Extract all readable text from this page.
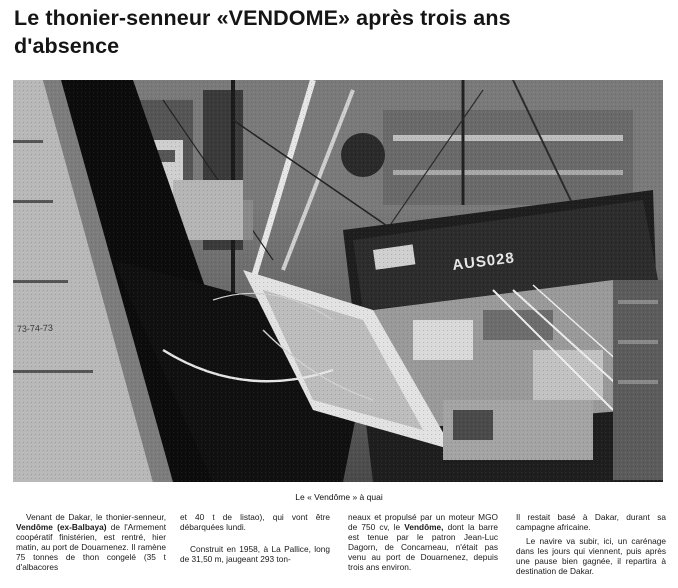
Le thonier-senneur «VENDOME» après trois ans
d'absence
Le « Vendôme » à quai

Venant de Dakar, le thonier-senneur, Vendôme (ex-Balbaya) de l'Armement coopératif finistérien, est rentré, hier matin, au port de Douarnenez. Il ramène 75 tonnes de thon congelé (35 t d'albacores

et 40 t de listao), qui vont être débarquées lundi.

Construit en 1958, à La Pallice, long de 31,50 m, jaugeant 293 ton-

neaux et propulsé par un moteur MGO de 750 cv, le Vendôme, dont la barre est tenue par le patron Jean-Luc Dagorn, de Concarneau, n'était pas venu au port de Douarnenez, depuis trois ans environ.

Il restait basé à Dakar, durant sa campagne africaine.

Le navire va subir, ici, un carénage dans les jours qui viennent, puis après une pause bien gagnée, il repartira à destination de Dakar.
